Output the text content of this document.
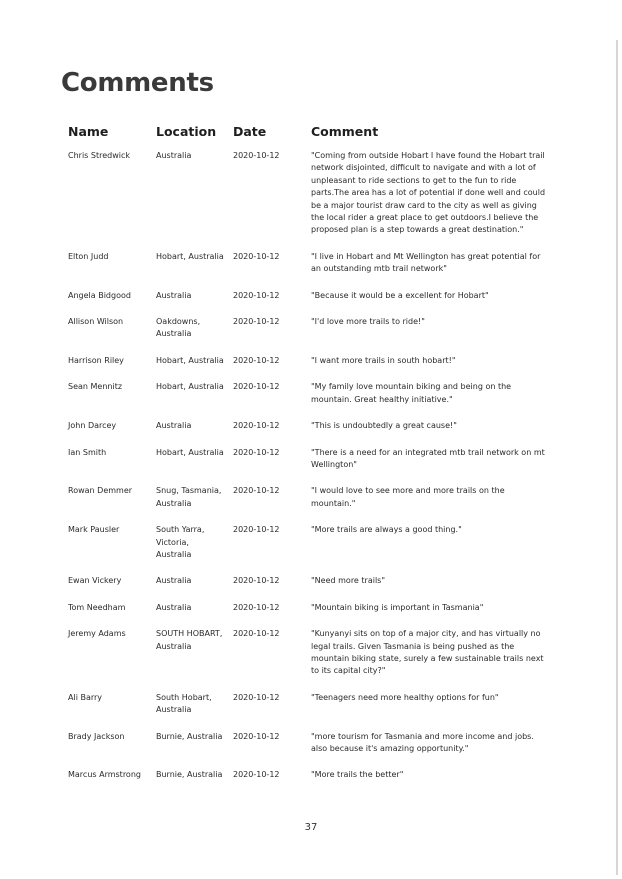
Comments
Name	Location	Date	Comment
Chris Stredwick	Australia	2020-10-12	"Coming from outside Hobart I have found the Hobart trail network disjointed, difficult to navigate and with a lot of unpleasant to ride sections to get to the fun to ride parts.The area has a lot of potential if done well and could be a major tourist draw card to the city as well as giving the local rider a great place to get outdoors.I believe the proposed plan is a step towards a great destination."
Elton Judd	Hobart, Australia	2020-10-12	"I live in Hobart and Mt Wellington has great potential for an outstanding mtb trail network"
Angela Bidgood	Australia	2020-10-12	"Because it would be a excellent for Hobart"
Allison Wilson	Oakdowns, Australia	2020-10-12	"I'd love more trails to ride!"
Harrison Riley	Hobart, Australia	2020-10-12	"I want more trails in south hobart!"
Sean Mennitz	Hobart, Australia	2020-10-12	"My family love mountain biking and being on the mountain. Great healthy initiative."
John Darcey	Australia	2020-10-12	"This is undoubtedly a great cause!"
Ian Smith	Hobart, Australia	2020-10-12	"There is a need for an integrated mtb trail network on mt Wellington"
Rowan Demmer	Snug, Tasmania, Australia	2020-10-12	"I would love to see more and more trails on the mountain."
Mark Pausler	South Yarra, Victoria, Australia	2020-10-12	"More trails are always a good thing."
Ewan Vickery	Australia	2020-10-12	"Need more trails"
Tom Needham	Australia	2020-10-12	"Mountain biking is important in Tasmania"
Jeremy Adams	SOUTH HOBART, Australia	2020-10-12	"Kunyanyi sits on top of a major city, and has virtually no legal trails. Given Tasmania is being pushed as the mountain biking state, surely a few sustainable trails next to its capital city?"
Ali Barry	South Hobart, Australia	2020-10-12	"Teenagers need more healthy options for fun"
Brady Jackson	Burnie, Australia	2020-10-12	"more tourism for Tasmania and more income and jobs. also because it's amazing opportunity."
Marcus Armstrong	Burnie, Australia	2020-10-12	"More trails the better"
37
